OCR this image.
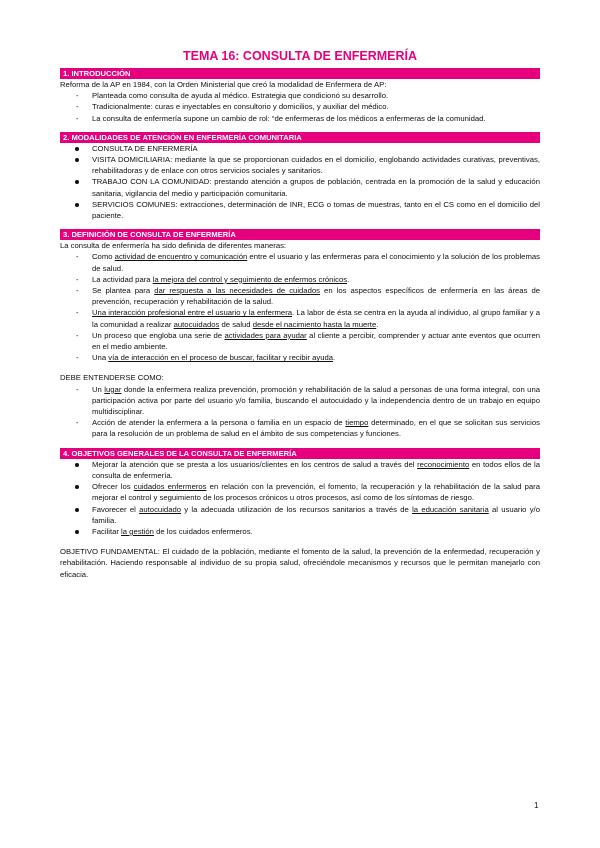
TEMA 16: CONSULTA DE ENFERMERÍA
1. INTRODUCCIÓN

Reforma de la AP en 1984, con la Orden Ministerial que creó la modalidad de Enfermera de AP:

- Planteada como consulta de ayuda al médico. Estrategia que condicionó su desarrollo.
- Tradicionalmente: curas e inyectables en consultorio y domicilios, y auxiliar del médico.
- La consulta de enfermería supone un cambio de rol: “de enfermeras de los médicos a enfermeras de la comunidad.
2. MODALIDADES DE ATENCIÓN EN ENFERMERÍA COMUNITARIA
CONSULTA DE ENFERMERÍA
VISITA DOMICILIARIA: mediante la que se proporcionan cuidados en el domicilio, englobando actividades curativas, preventivas, rehabilitadoras y de enlace con otros servicios sociales y sanitarios.
TRABAJO CON LA COMUNIDAD: prestando atención a grupos de población, centrada en la promoción de la salud y educación sanitaria, vigilancia del medio y participación comunitaria.
SERVICIOS COMUNES: extracciones, determinación de INR, ECG o tomas de muestras, tanto en el CS como en el domicilio del paciente.
3. DEFINICIÓN DE CONSULTA DE ENFERMERÍA

La consulta de enfermería ha sido definida de diferentes maneras:

- Como actividad de encuentro y comunicación entre el usuario y las enfermeras para el conocimiento y la solución de los problemas de salud.
- La actividad para la mejora del control y seguimiento de enfermos crónicos.
- Se plantea para dar respuesta a las necesidades de cuidados en los aspectos específicos de enfermería en las áreas de prevención, recuperación y rehabilitación de la salud.
- Una interacción profesional entre el usuario y la enfermera. La labor de ésta se centra en la ayuda al individuo, al grupo familiar y a la comunidad a realizar autocuidados de salud desde el nacimiento hasta la muerte.
- Un proceso que engloba una serie de actividades para ayudar al cliente a percibir, comprender y actuar ante eventos que ocurren en el medio ambiente.
- Una vía de interacción en el proceso de buscar, facilitar y recibir ayuda.

DEBE ENTENDERSE COMO:

- Un lugar donde la enfermera realiza prevención, promoción y rehabilitación de la salud a personas de una forma integral, con una participación activa por parte del usuario y/o familia, buscando el autocuidado y la independencia dentro de un trabajo en equipo multidisciplinar.
- Acción de atender la enfermera a la persona o familia en un espacio de tiempo determinado, en el que se solicitan sus servicios para la resolución de un problema de salud en el ámbito de sus competencias y funciones.
4. OBJETIVOS GENERALES DE LA CONSULTA DE ENFERMERÍA
Mejorar la atención que se presta a los usuarios/clientes en los centros de salud a través del reconocimiento en todos ellos de la consulta de enfermería.
Ofrecer los cuidados enfermeros en relación con la prevención, el fomento, la recuperación y la rehabilitación de la salud para mejorar el control y seguimiento de los procesos crónicos u otros procesos, así como de los síntomas de riesgo.
Favorecer el autocuidado y la adecuada utilización de los recursos sanitarios a través de la educación sanitaria al usuario y/o familia.
Facilitar la gestión de los cuidados enfermeros.

OBJETIVO FUNDAMENTAL: El cuidado de la población, mediante el fomento de la salud, la prevención de la enfermedad, recuperación y rehabilitación. Haciendo responsable al individuo de su propia salud, ofreciéndole mecanismos y recursos que le permitan manejarlo con eficacia.

1
